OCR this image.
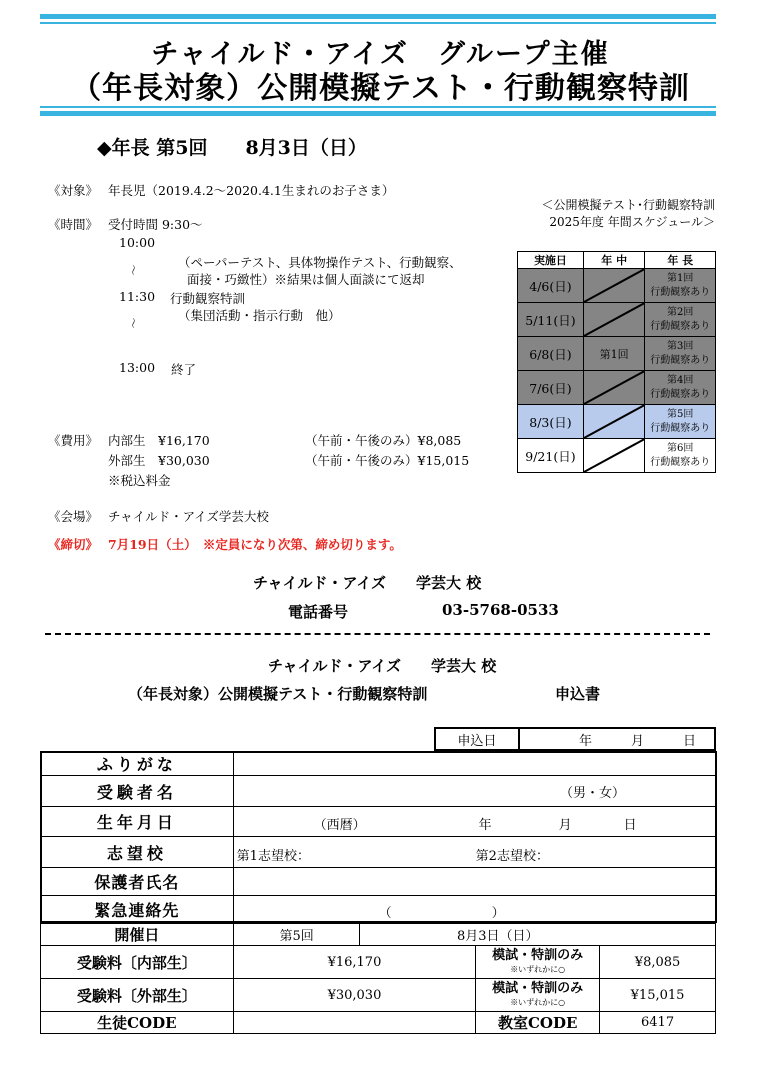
チャイルド・アイズ　グループ主催
（年長対象）公開模擬テスト・行動観察特訓
◆年長 第5回　　8月3日（日）
《対象》 年長児（2019.4.2～2020.4.1生まれのお子さま）
《時間》 受付時間 9:30～
10:00
～	（ペーパーテスト、具体物操作テスト、行動観察、
面接・巧緻性）※結果は個人面談にて返却
11:30 行動観察特訓
～	（集団活動・指示行動　他）
13:00 終了
《費用》 内部生　¥16,170
外部生　¥30,030
※税込料金
（午前・午後のみ）¥8,085
（午前・午後のみ）¥15,015
《会場》 チャイルド・アイズ学芸大校
《締切》 7月19日（土）　※定員になり次第、締め切ります。
＜公開模擬テスト･行動観察特訓
2025年度 年間スケジュール＞
実施日	年 中	年 長
4/6(日)		第1回
行動観察あり
5/11(日)		第2回
行動観察あり
6/8(日)	第1回	第3回
行動観察あり
7/6(日)		第4回
行動観察あり
8/3(日)		第5回
行動観察あり
9/21(日)		第6回
行動観察あり
チャイルド・アイズ　　学芸大 校
電話番号	03-5768-0533
チャイルド・アイズ　　学芸大 校
（年長対象）公開模擬テスト・行動観察特訓	申込書
申込日	年　　　月　　　日
ふりがな	
受験者名	（男・女）
生年月日	（西暦） 年 月 日

志望校	第1志望校： 第2志望校：

保護者氏名	
緊急連絡先	（ ）
開催日	第5回	8月3日（日）		
受験料〔内部生〕	¥16,170		模試・特訓のみ
※いずれかに○	¥8,085
受験料〔外部生〕	¥30,030		模試・特訓のみ
※いずれかに○	¥15,015
生徒CODE			教室CODE	6417
